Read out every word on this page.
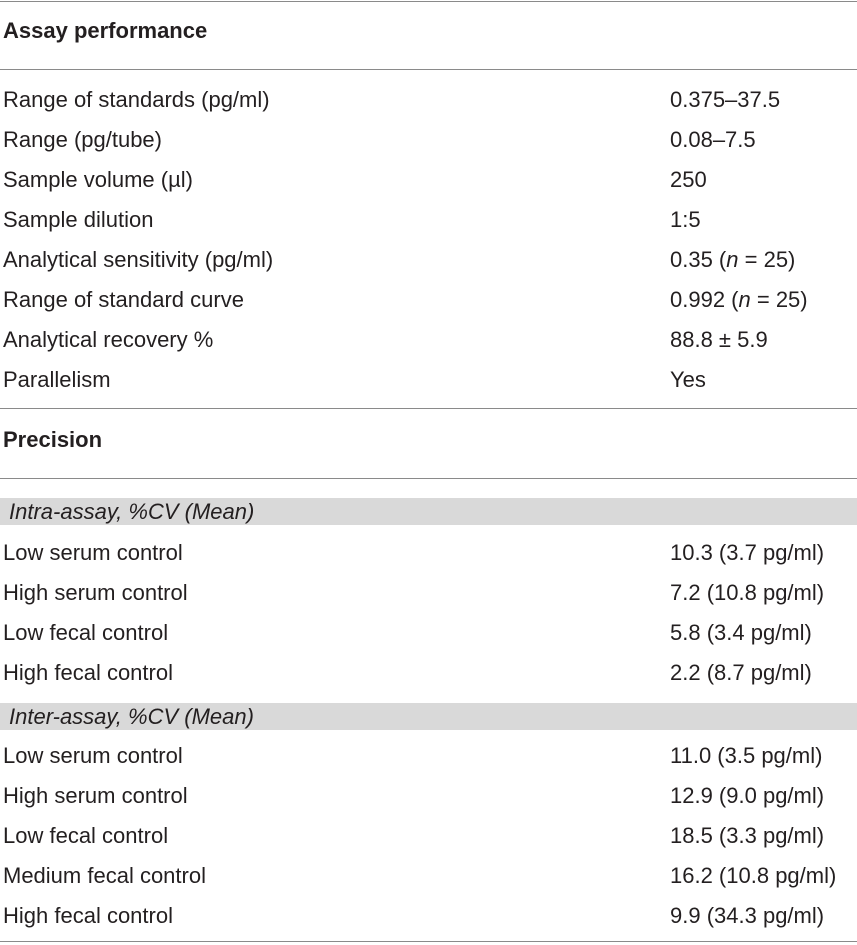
Assay performance
Range of standards (pg/ml)	0.375–37.5
Range (pg/tube)	0.08–7.5
Sample volume (µl)	250
Sample dilution	1:5
Analytical sensitivity (pg/ml)	0.35 (n = 25)
Range of standard curve	0.992 (n = 25)
Analytical recovery %	88.8 ± 5.9
Parallelism	Yes
Precision
Intra-assay, %CV (Mean)
Low serum control	10.3 (3.7 pg/ml)
High serum control	7.2 (10.8 pg/ml)
Low fecal control	5.8 (3.4 pg/ml)
High fecal control	2.2 (8.7 pg/ml)
Inter-assay, %CV (Mean)
Low serum control	11.0 (3.5 pg/ml)
High serum control	12.9 (9.0 pg/ml)
Low fecal control	18.5 (3.3 pg/ml)
Medium fecal control	16.2 (10.8 pg/ml)
High fecal control	9.9 (34.3 pg/ml)
